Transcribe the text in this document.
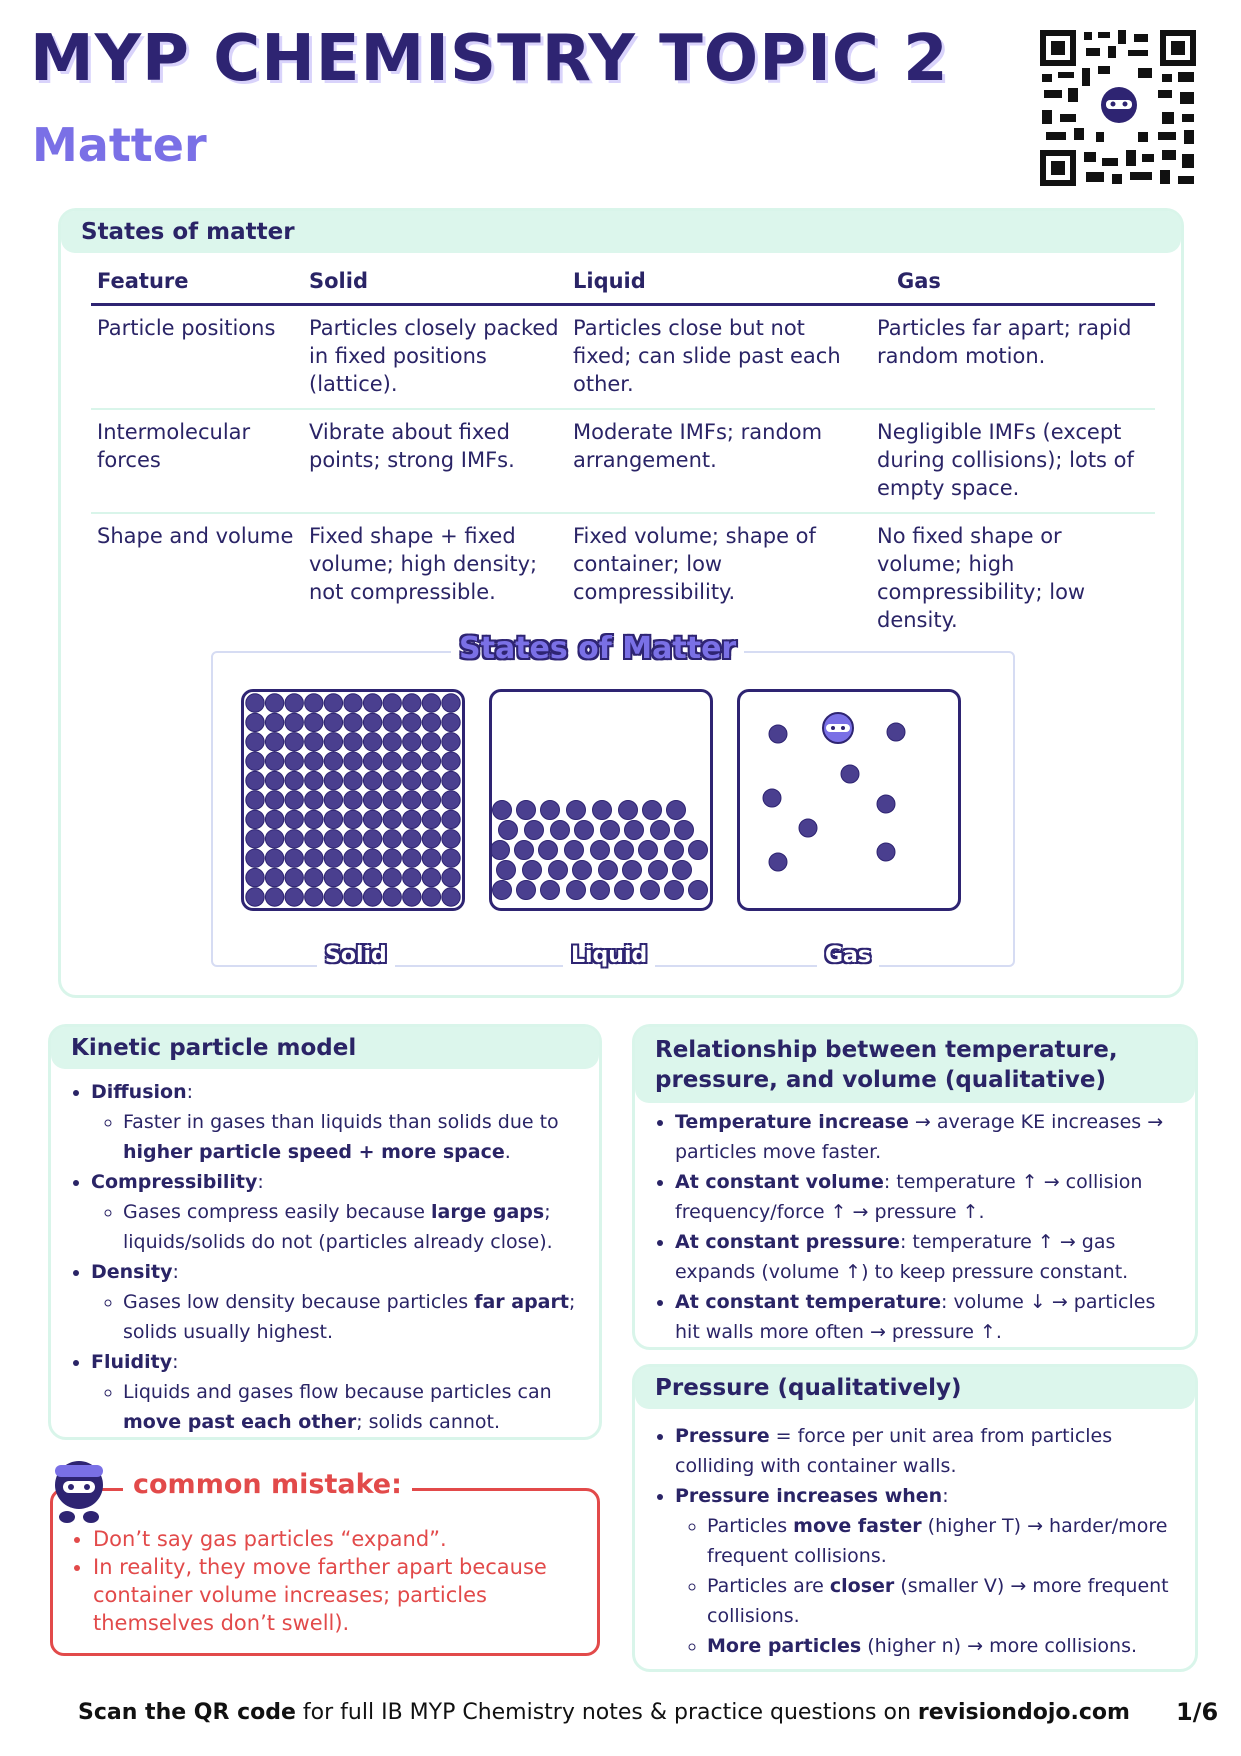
MYP CHEMISTRY TOPIC 2
Matter
States of matter
Feature	Solid	Liquid	Gas
Particle positions	Particles closely packed in fixed positions (lattice).	Particles close but not fixed; can slide past each other.	Particles far apart; rapid random motion.
Intermolecular forces	Vibrate about fixed points; strong IMFs.	Moderate IMFs; random arrangement.	Negligible IMFs (except during collisions); lots of empty space.
Shape and volume	Fixed shape + fixed volume; high density; not compressible.	Fixed volume; shape of container; low compressibility.	No fixed shape or volume; high compressibility; low density.
States of Matter
Solid	Liquid	Gas
Kinetic particle model
• Diffusion:
◦ Faster in gases than liquids than solids due to higher particle speed + more space.
• Compressibility:
◦ Gases compress easily because large gaps; liquids/solids do not (particles already close).
• Density:
◦ Gases low density because particles far apart; solids usually highest.
• Fluidity:
◦ Liquids and gases flow because particles can move past each other; solids cannot.
common mistake:
• Don’t say gas particles “expand”.
• In reality, they move farther apart because container volume increases; particles themselves don’t swell).
Relationship between temperature, pressure, and volume (qualitative)
• Temperature increase → average KE increases → particles move faster.
• At constant volume: temperature ↑ → collision frequency/force ↑ → pressure ↑.
• At constant pressure: temperature ↑ → gas expands (volume ↑) to keep pressure constant.
• At constant temperature: volume ↓ → particles hit walls more often → pressure ↑.
Pressure (qualitatively)
• Pressure = force per unit area from particles colliding with container walls.
• Pressure increases when:
◦ Particles move faster (higher T) → harder/more frequent collisions.
◦ Particles are closer (smaller V) → more frequent collisions.
◦ More particles (higher n) → more collisions.
Scan the QR code for full IB MYP Chemistry notes & practice questions on revisiondojo.com 1/6
